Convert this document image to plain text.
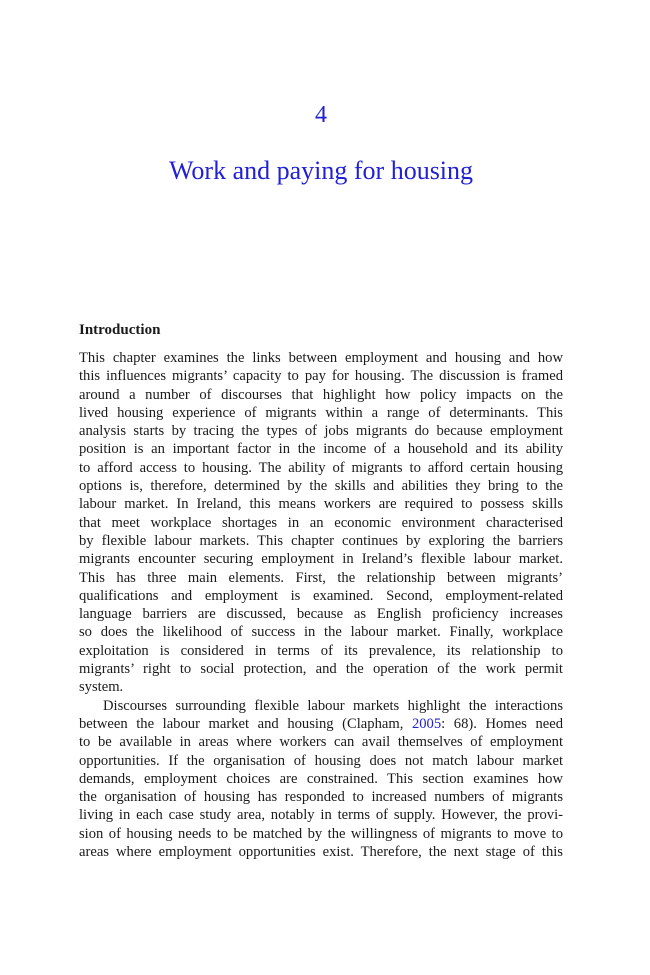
4
Work and paying for housing
Introduction
This chapter examines the links between employment and housing and how
this influences migrants’ capacity to pay for housing. The discussion is framed
around a number of discourses that highlight how policy impacts on the
lived housing experience of migrants within a range of determinants. This
analysis starts by tracing the types of jobs migrants do because employment
position is an important factor in the income of a household and its ability
to afford access to housing. The ability of migrants to afford certain housing
options is, therefore, determined by the skills and abilities they bring to the
labour market. In Ireland, this means workers are required to possess skills
that meet workplace shortages in an economic environment characterised
by flexible labour markets. This chapter continues by exploring the barriers
migrants encounter securing employment in Ireland’s flexible labour market.
This has three main elements. First, the relationship between migrants’
qualifications and employment is examined. Second, employment-related
language barriers are discussed, because as English proficiency increases
so does the likelihood of success in the labour market. Finally, workplace
exploitation is considered in terms of its prevalence, its relationship to
migrants’ right to social protection, and the operation of the work permit
system.
Discourses surrounding flexible labour markets highlight the interactions
between the labour market and housing (Clapham, 2005: 68). Homes need
to be available in areas where workers can avail themselves of employment
opportunities. If the organisation of housing does not match labour market
demands, employment choices are constrained. This section examines how
the organisation of housing has responded to increased numbers of migrants
living in each case study area, notably in terms of supply. However, the provi-
sion of housing needs to be matched by the willingness of migrants to move to
areas where employment opportunities exist. Therefore, the next stage of this
